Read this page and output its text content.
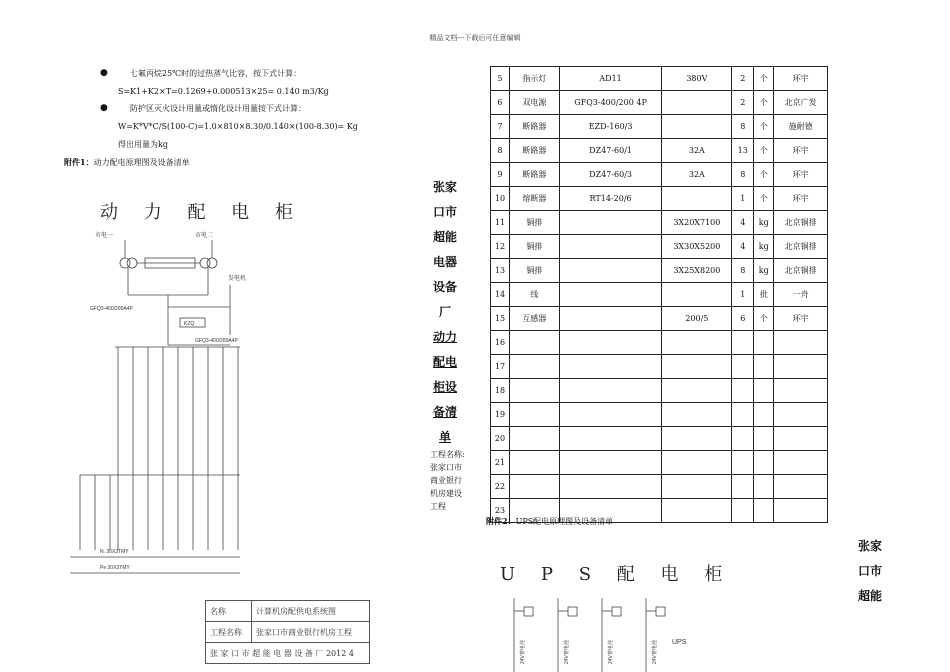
精品文档---下载后可任意编辑
●	七氟丙烷25℃时的过热蒸气比容，按下式计算：
S=K1+K2×T=0.1269+0.000513×25= 0.140 m3/Kg
●	防护区灭火设计用量或惰化设计用量按下式计算：
W=K*V*C/S(100-C)=1.0×810×8.30/0.140×(100-8.30)= Kg
得出用量为kg
附件1：动力配电原理图及设备清单
动 力 配 电 柜
市电一	市电二
发电机
GFQ3-400/200A4P
KZQ
GFQ3-400/200A4P
N. 30X3TMY
Pe 30X3TMY
名称	计算机房配供电系统图
工程名称	张家口市商业银行机房工程
张 家 口 市 超 能 电 器 设 备 厂 2012 4	
张家
口市
超能
电器
设备
厂
动力
配电
柜设
备清
单
工程名称:
张家口市
商业银行
机房建设
工程
5	指示灯	AD11	380V	2	个	环宇
6	双电源	GFQ3-400/200 4P		2	个	北京广发
7	断路器	EZD-160/3		8	个	施耐德
8	断路器	DZ47-60/1	32A	13	个	环宇
9	断路器	DZ47-60/3	32A	8	个	环宇
10	熔断器	RT14-20/6		1	个	环宇
11	铜排		3X20X7100	4	kg	北京铜排
12	铜排		3X30X5200	4	kg	北京铜排
13	铜排		3X25X8200	8	kg	北京铜排
14	线			1	批	一舟
15	互感器		200/5	6	个	环宇
16						
17						
18						
19						
20						
21						
22						
23						
附件2：UPS配电原理图及设备清单
U P S 配 电 柜
UPS
24V蓄电池	24V蓄电池	24V蓄电池	24V蓄电池
张家
口市
超能
